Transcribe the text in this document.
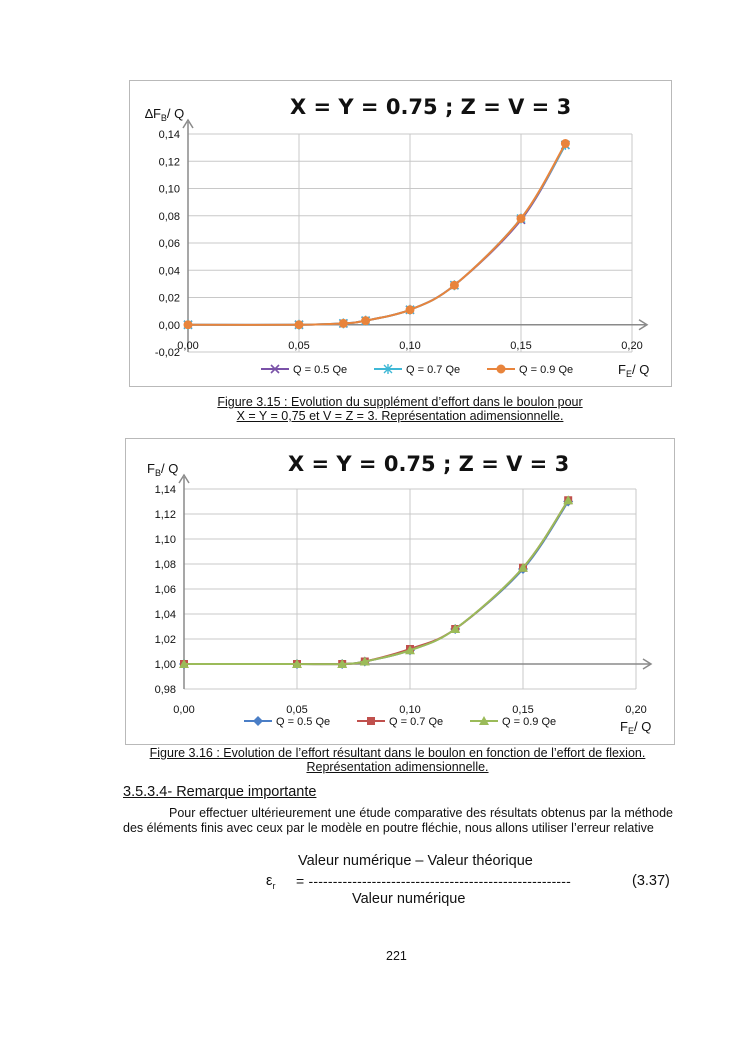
X = Y = 0.75 ; Z = V = 3
$\Delta F_B/$ Q
$F_E/$ Q
0,14
0,12
0,10
0,08
0,06
0,04
0,02
0,00
-0,02
0,00	0,05	0,10	0,15	0,20
Q = 0.5 Qe	Q = 0.7 Qe	Q = 0.9 Qe
Figure 3.15 : Evolution du supplément d’effort dans le boulon pour
X = Y = 0,75 et V = Z = 3. Représentation adimensionnelle.
X = Y = 0.75 ; Z = V = 3
$F_B/$ Q
$F_E/$ Q
1,14
1,12
1,10
1,08
1,06
1,04
1,02
1,00
0,98
0,00	0,05	0,10	0,15	0,20
Q = 0.5 Qe	Q = 0.7 Qe	Q = 0.9 Qe
Figure 3.16 : Evolution de l’effort résultant dans le boulon en fonction de l’effort de flexion.
Représentation adimensionnelle.
3.5.3.4- Remarque importante
Pour effectuer ultérieurement une étude comparative des résultats obtenus par la méthode des éléments finis avec ceux par le modèle en poutre fléchie, nous allons utiliser l’erreur relative
Valeur numérique – Valeur théorique
$\varepsilon_r$ = ------------------------------------------------------
Valeur numérique
(3.37)
221
